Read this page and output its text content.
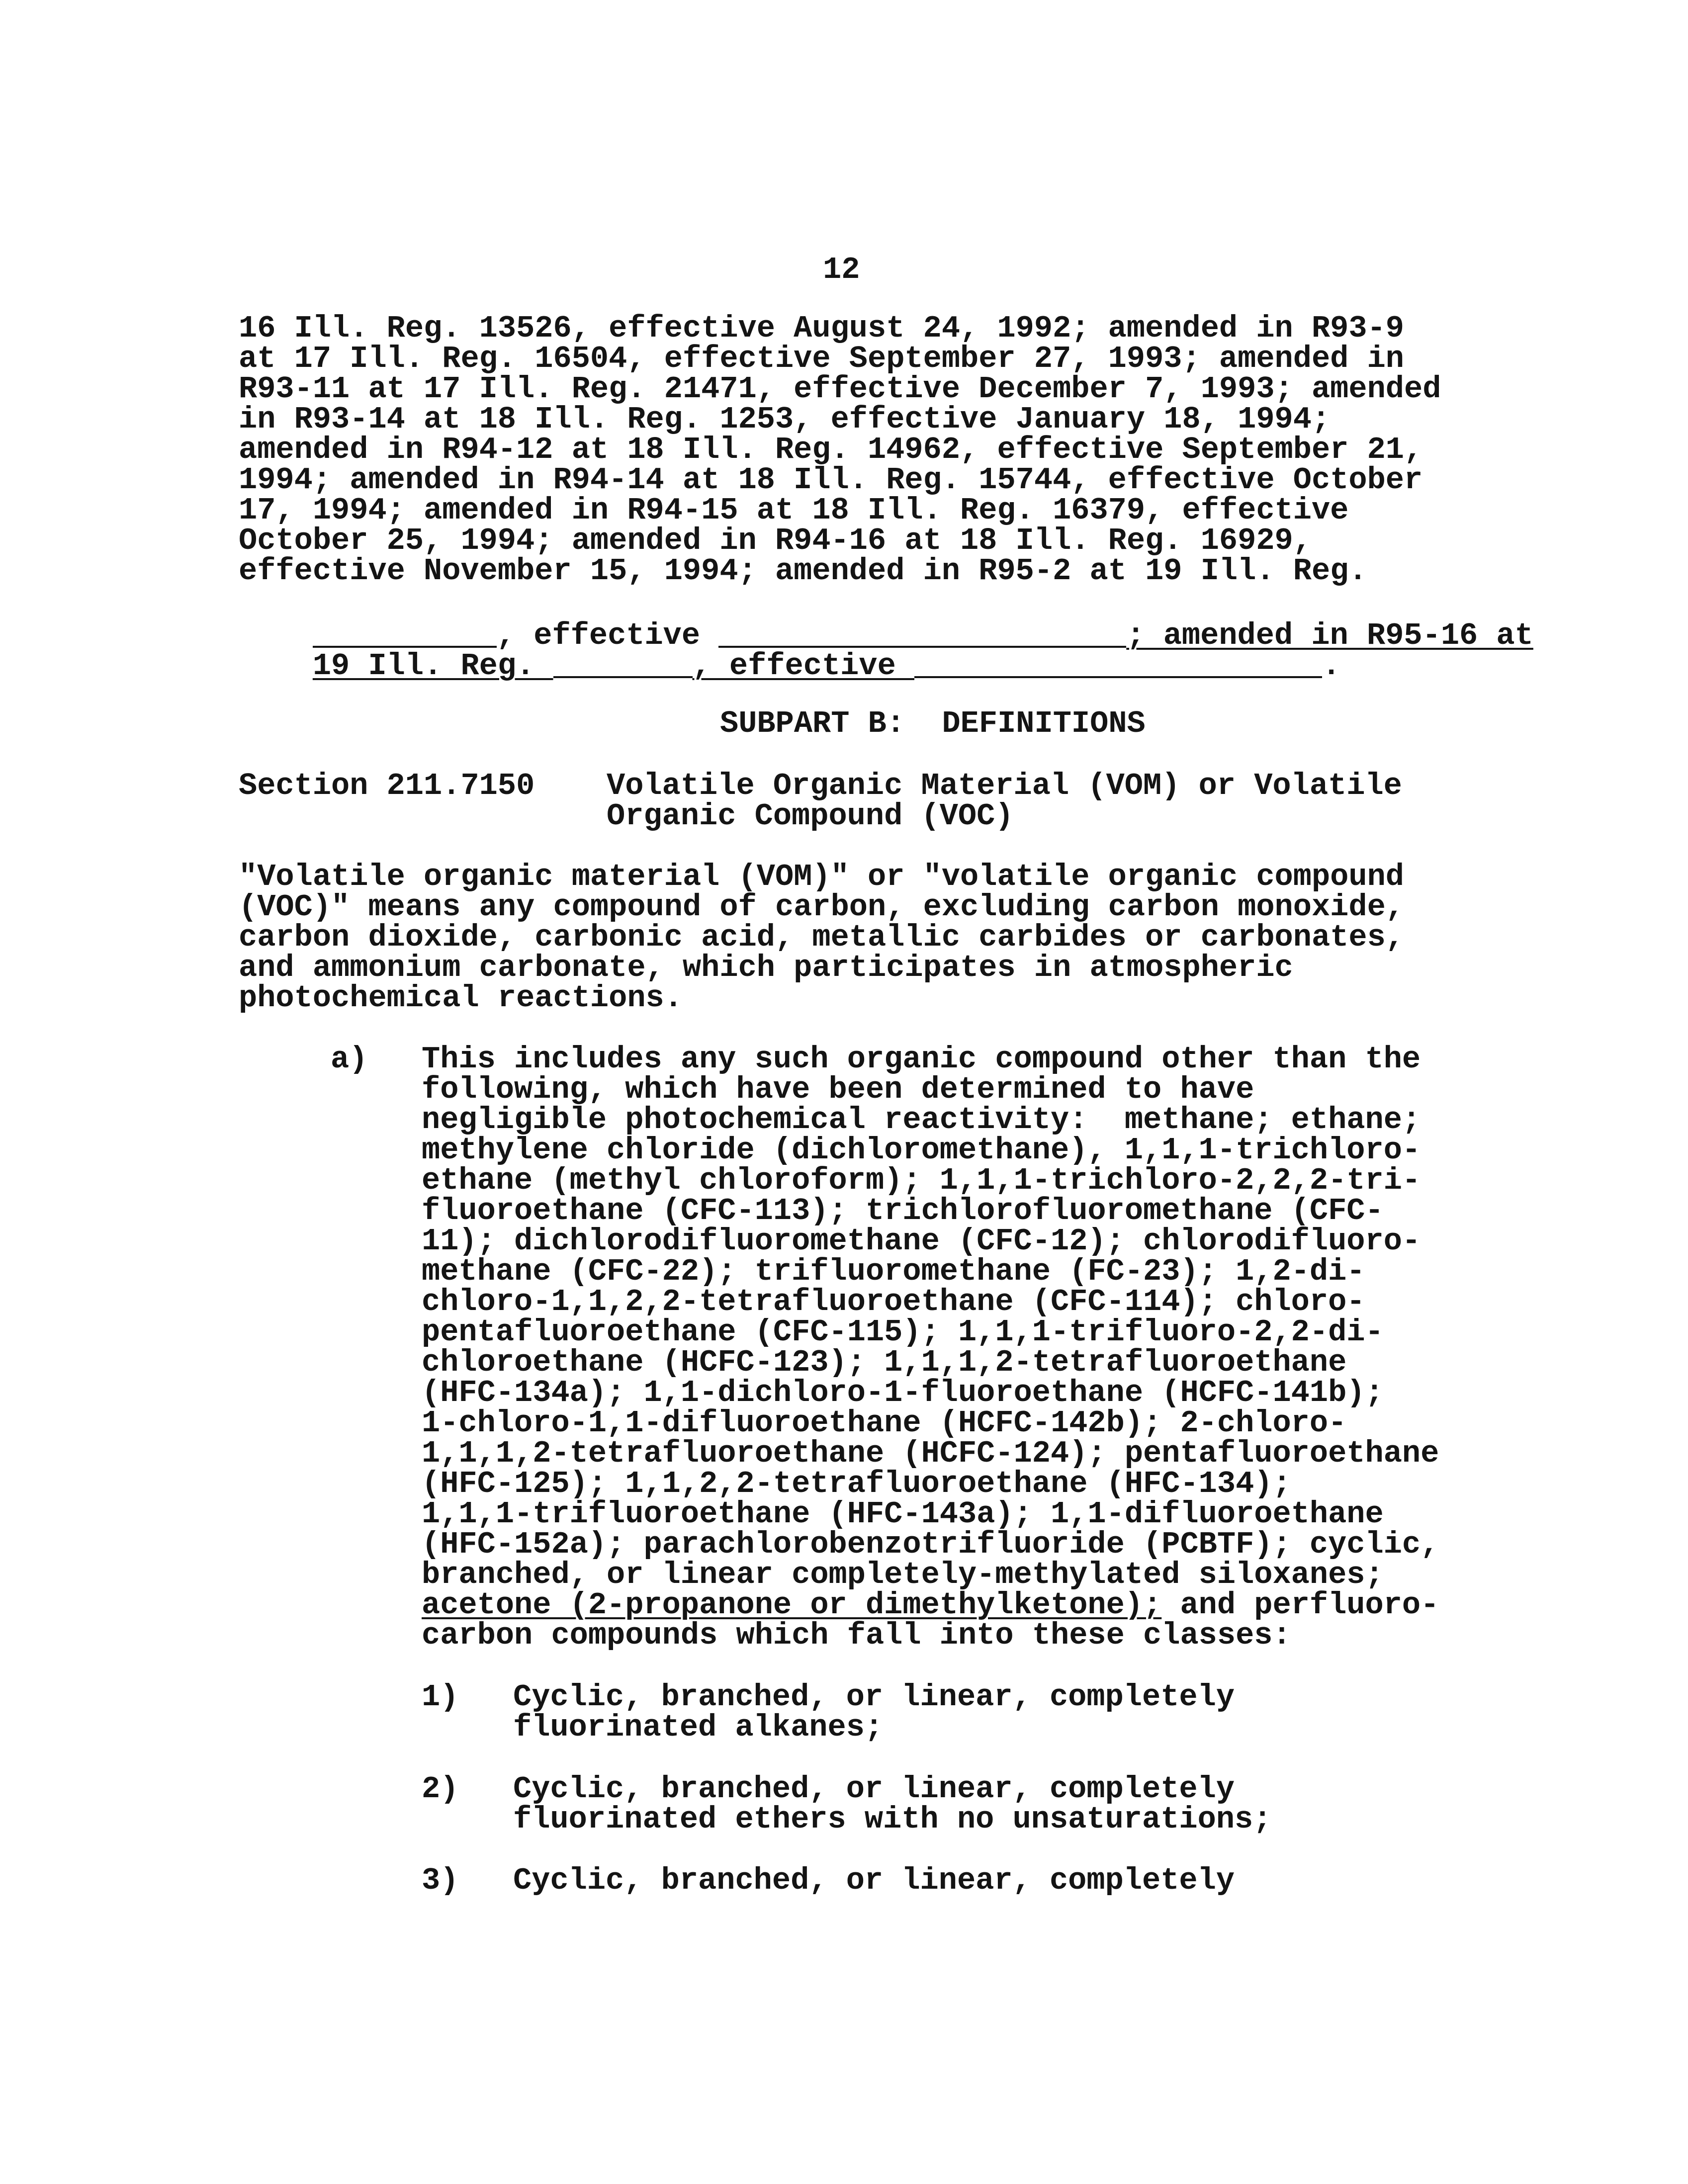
12
16 Ill. Reg. 13526, effective August 24, 1992; amended in R93-9
at 17 Ill. Reg. 16504, effective September 27, 1993; amended in
R93-11 at 17 Ill. Reg. 21471, effective December 7, 1993; amended
in R93-14 at 18 Ill. Reg. 1253, effective January 18, 1994;
amended in R94-12 at 18 Ill. Reg. 14962, effective September 21,
1994; amended in R94-14 at 18 Ill. Reg. 15744, effective October
17, 1994; amended in R94-15 at 18 Ill. Reg. 16379, effective
October 25, 1994; amended in R94-16 at 18 Ill. Reg. 16929,
effective November 15, 1994; amended in R95-2 at 19 Ill. Reg.

, effective	; amended in R95-16 at

19 Ill. Reg.	, effective	.

SUBPART B:  DEFINITIONS
Section 211.7150 Volatile Organic Material (VOM) or Volatile
Organic Compound (VOC)
"Volatile organic material (VOM)" or "volatile organic compound
(VOC)" means any compound of carbon, excluding carbon monoxide,
carbon dioxide, carbonic acid, metallic carbides or carbonates,
and ammonium carbonate, which participates in atmospheric
photochemical reactions.
a) This includes any such organic compound other than the
following, which have been determined to have
negligible photochemical reactivity:  methane; ethane;
methylene chloride (dichloromethane), 1,1,1-trichloro-
ethane (methyl chloroform); 1,1,1-trichloro-2,2,2-tri-
fluoroethane (CFC-113); trichlorofluoromethane (CFC-
11); dichlorodifluoromethane (CFC-12); chlorodifluoro-
methane (CFC-22); trifluoromethane (FC-23); 1,2-di-
chloro-1,1,2,2-tetrafluoroethane (CFC-114); chloro-
pentafluoroethane (CFC-115); 1,1,1-trifluoro-2,2-di-
chloroethane (HCFC-123); 1,1,1,2-tetrafluoroethane
(HFC-134a); 1,1-dichloro-1-fluoroethane (HCFC-141b);
1-chloro-1,1-difluoroethane (HCFC-142b); 2-chloro-
1,1,1,2-tetrafluoroethane (HCFC-124); pentafluoroethane
(HFC-125); 1,1,2,2-tetrafluoroethane (HFC-134);
1,1,1-trifluoroethane (HFC-143a); 1,1-difluoroethane
(HFC-152a); parachlorobenzotrifluoride (PCBTF); cyclic,
branched, or linear completely-methylated siloxanes;
acetone (2-propanone or dimethylketone); and perfluoro-
carbon compounds which fall into these classes:
1) Cyclic, branched, or linear, completely
fluorinated alkanes;
2) Cyclic, branched, or linear, completely
fluorinated ethers with no unsaturations;
3) Cyclic, branched, or linear, completely
